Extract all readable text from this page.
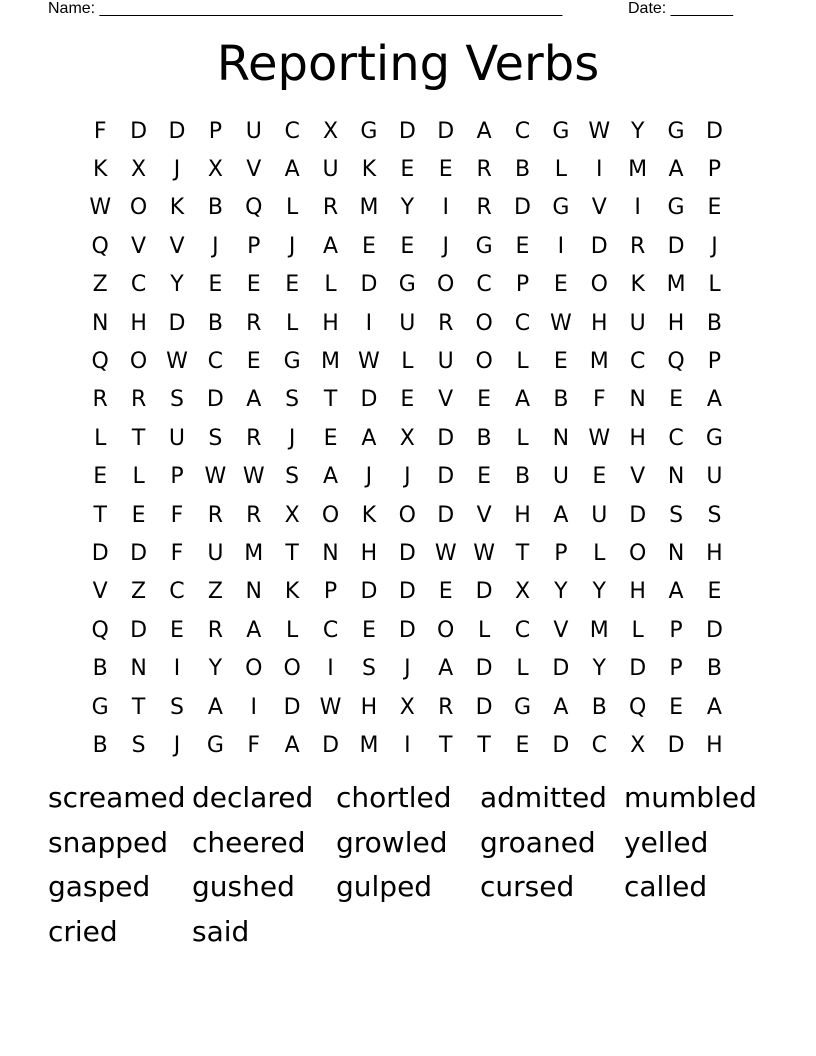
Name: ____________________________________________________	Date: _______
Reporting Verbs
F	D D	P	U	C	X	G D D	A	C	G W Y	G D
K	X	J	X	V	A	U	K	E	E	R	B	L	I	M A	P
W O	K	B	Q	L	R M	Y	I	R	D G	V	I	G	E
Q	V	V	J	P	J	A	E	E	J	G	E	I	D	R	D	J
Z	C	Y	E	E	E	L	D G O	C	P	E	O	K M	L
N H D	B	R	L	H	I	U	R	O	C W H	U	H	B
Q O W C	E	G M W L	U O	L	E M C	Q	P
R	R	S	D	A	S	T	D	E	V	E	A	B	F	N	E	A
L	T	U	S	R	J	E	A	X	D	B	L	N W H	C	G
E	L	P W W S	A	J	J	D	E	B	U	E	V	N	U
T	E	F	R	R	X	O	K	O D	V	H	A	U D	S	S
D D	F	U M	T	N H D W W T	P	L	O N H
V	Z	C	Z	N	K	P	D D	E	D	X	Y	Y	H	A	E
Q D	E	R	A	L	C	E	D O	L	C	V M	L	P	D
B	N	I	Y	O O	I	S	J	A	D	L	D	Y	D	P	B
G	T	S	A	I	D W H	X	R	D G	A	B	Q	E	A
B	S	J	G	F	A	D M	I	T	T	E	D	C	X	D H
screamed declared chortled	admitted mumbled
snapped cheered	growled	groaned	yelled
gasped	gushed	gulped	cursed	called
cried	said
